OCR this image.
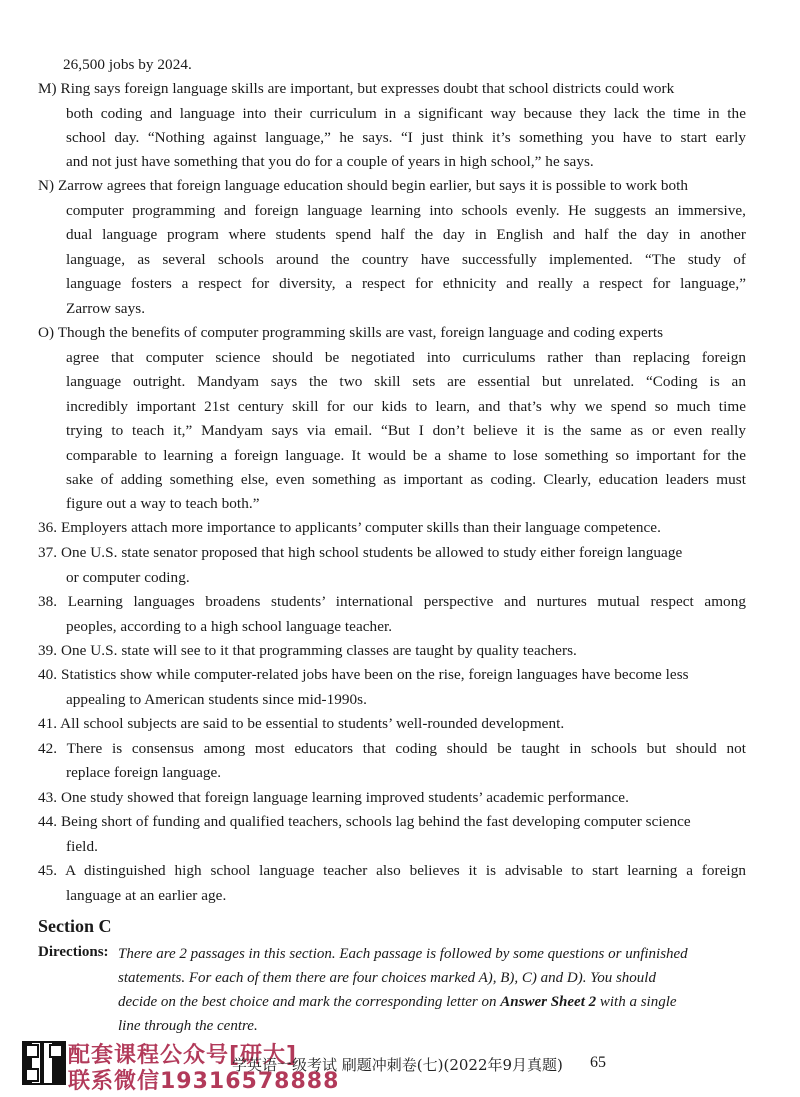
26,500 jobs by 2024.
M) Ring says foreign language skills are important, but expresses doubt that school districts could work
both coding and language into their curriculum in a significant way because they lack the time in the
school day. “Nothing against language,” he says. “I just think it’s something you have to start early
and not just have something that you do for a couple of years in high school,” he says.
N) Zarrow agrees that foreign language education should begin earlier, but says it is possible to work both
computer programming and foreign language learning into schools evenly. He suggests an immersive,
dual language program where students spend half the day in English and half the day in another
language, as several schools around the country have successfully implemented. “The study of
language fosters a respect for diversity, a respect for ethnicity and really a respect for language,”
Zarrow says.
O) Though the benefits of computer programming skills are vast, foreign language and coding experts
agree that computer science should be negotiated into curriculums rather than replacing foreign
language outright. Mandyam says the two skill sets are essential but unrelated. “Coding is an
incredibly important 21st century skill for our kids to learn, and that’s why we spend so much time
trying to teach it,” Mandyam says via email. “But I don’t believe it is the same as or even really
comparable to learning a foreign language. It would be a shame to lose something so important for the
sake of adding something else, even something as important as coding. Clearly, education leaders must
figure out a way to teach both.”
36. Employers attach more importance to applicants’ computer skills than their language competence.
37. One U.S. state senator proposed that high school students be allowed to study either foreign language
or computer coding.
38. Learning languages broadens students’ international perspective and nurtures mutual respect among
peoples, according to a high school language teacher.
39. One U.S. state will see to it that programming classes are taught by quality teachers.
40. Statistics show while computer-related jobs have been on the rise, foreign languages have become less
appealing to American students since mid-1990s.
41. All school subjects are said to be essential to students’ well-rounded development.
42. There is consensus among most educators that coding should be taught in schools but should not
replace foreign language.
43. One study showed that foreign language learning improved students’ academic performance.
44. Being short of funding and qualified teachers, schools lag behind the fast developing computer science
field.
45. A distinguished high school language teacher also believes it is advisable to start learning a foreign
language at an earlier age.
Section C
Directions: There are 2 passages in this section. Each passage is followed by some questions or unfinished
statements. For each of them there are four choices marked A), B), C) and D). You should
decide on the best choice and mark the corresponding letter on Answer Sheet 2 with a single
line through the centre.
配套课程公众号[研大]
联系微信19316578888
学英语一级考试 刷题冲刺卷(七)(2022年9月真题) 65
